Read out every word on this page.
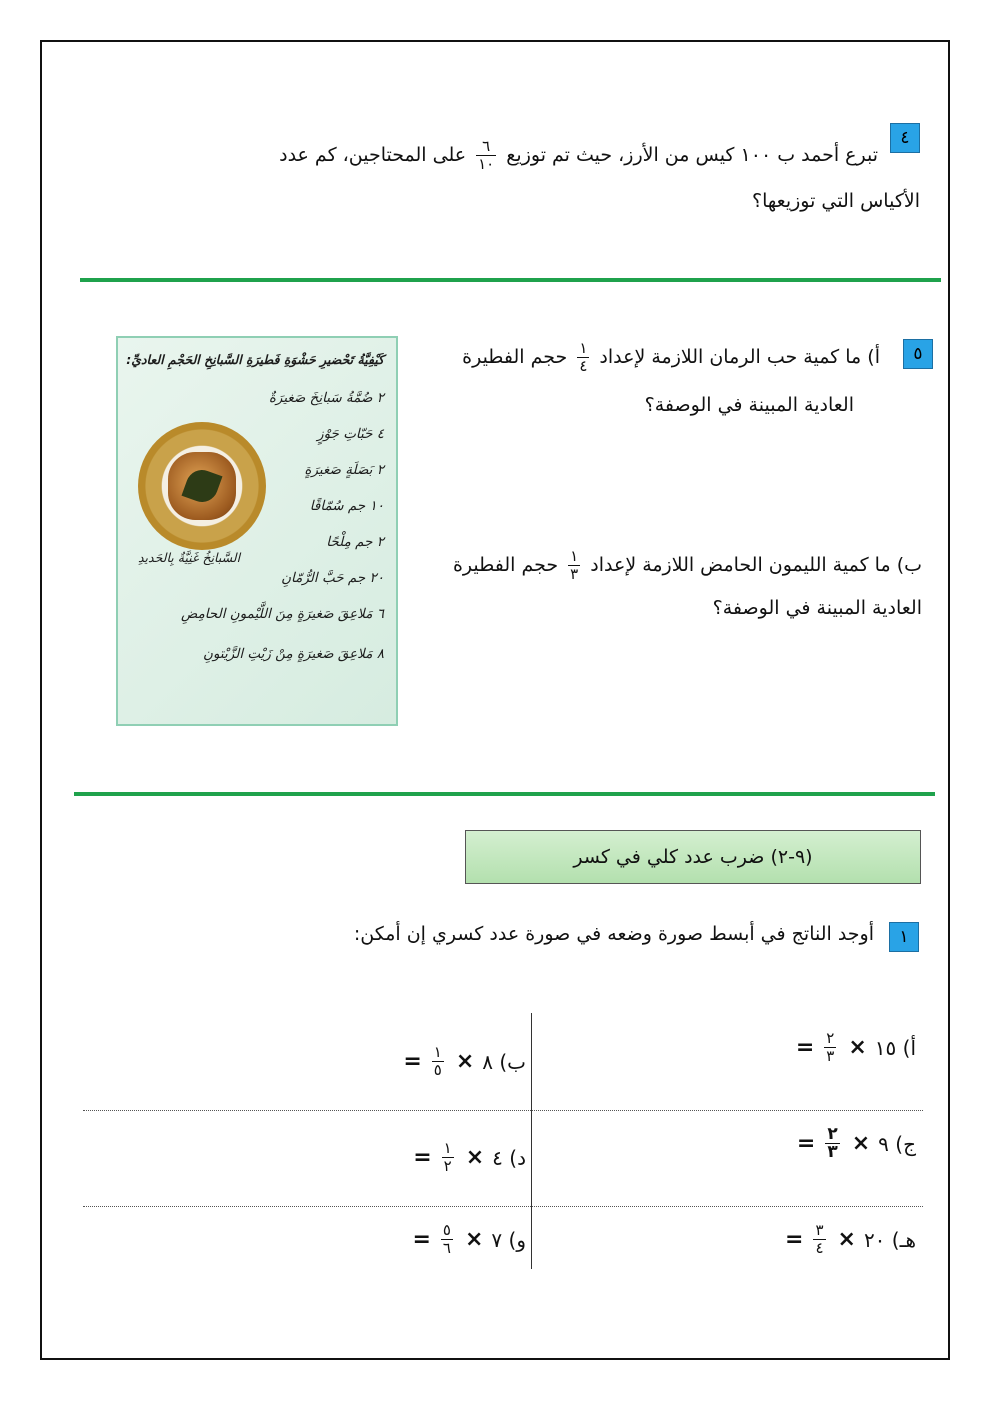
٤
تبرع أحمد ب ١٠٠ كيس من الأرز، حيث تم توزيع
$\frac{٦}{١٠}$
على المحتاجين، كم عدد
الأكياس التي توزيعها؟
٥
أ) ما كمية حب الرمان اللازمة لإعداد
$\frac{١}{٤}$
حجم الفطيرة
العادية المبينة في الوصفة؟
ب) ما كمية الليمون الحامض اللازمة لإعداد
$\frac{١}{٣}$
حجم الفطيرة
العادية المبينة في الوصفة؟
كَيْفِيَّةُ تَحْضيرِ حَشْوَةِ فَطيرَةِ السَّبانِخِ الحَجْمِ العاديِّ:
٢ ضُمَّةُ سَبانِخَ صَغيرَةٌ
٤ حَبّاتِ جَوْزٍ
٢ بَصَلَةٍ صَغيرَةٍ
١٠ جم سُمّاقًا
٢ جم مِلْحًا
٢٠ جم حَبَّ الرُّمّانِ
٦ مَلاعِقَ صَغيرَةٍ مِنَ اللَّيْمونِ الحامِضِ
٨ مَلاعِقَ صَغيرَةٍ مِنْ زَيْتِ الزَّيْتونِ
السَّبانِخُ غَنِيَّةٌ بِالحَديدِ
(٩-٢) ضرب عدد كلي في كسر
١
أوجد الناتج في أبسط صورة وضعه في صورة عدد كسري إن أمكن:
= $\frac{٢}{٣}$ × ١٥
أ)
= $\frac{١}{٥}$ × ٨
ب)
= $\frac{٢}{٣}$ × ٩
ج)
= $\frac{١}{٢}$ × ٤
د)
= $\frac{٣}{٤}$ × ٢٠
هـ)
= $\frac{٥}{٦}$ × ٧
و)
